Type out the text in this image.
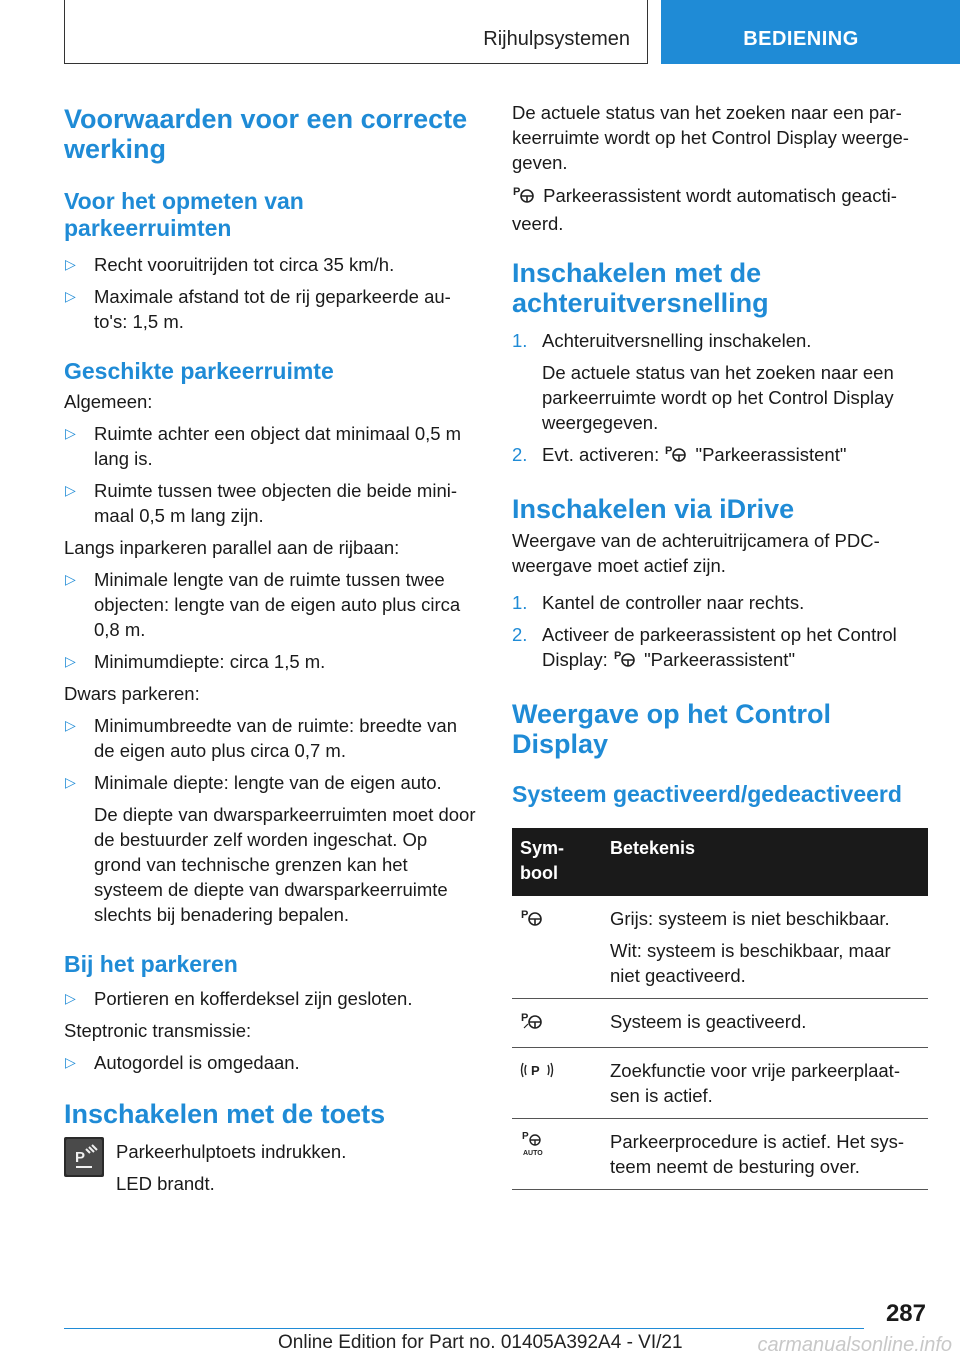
Rijhulpsystemen	BEDIENING
Voorwaarden voor een correcte werking
Voor het opmeten van parkeerruimten
▷ Recht vooruitrijden tot circa 35 km/h.
▷ Maximale afstand tot de rij geparkeerde auto's: 1,5 m.
Geschikte parkeerruimte

Algemeen:

▷ Ruimte achter een object dat minimaal 0,5 m lang is.
▷ Ruimte tussen twee objecten die beide minimaal 0,5 m lang zijn.

Langs inparkeren parallel aan de rijbaan:

▷ Minimale lengte van de ruimte tussen twee objecten: lengte van de eigen auto plus circa 0,8 m.
▷ Minimumdiepte: circa 1,5 m.

Dwars parkeren:

▷ Minimumbreedte van de ruimte: breedte van de eigen auto plus circa 0,7 m.
▷ Minimale diepte: lengte van de eigen auto.
De diepte van dwarsparkeerruimten moet door de bestuurder zelf worden ingeschat. Op grond van technische grenzen kan het systeem de diepte van dwarsparkeerruimte slechts bij benadering bepalen.
Bij het parkeren
▷ Portieren en kofferdeksel zijn gesloten.

Steptronic transmissie:

▷ Autogordel is omgedaan.
Inschakelen met de toets
P Parkeerhulptoets indrukken.

LED brandt.

De actuele status van het zoeken naar een parkeerruimte wordt op het Control Display weergegeven.

P Parkeerassistent wordt automatisch geactiveerd.

Inschakelen met de achteruitversnelling
1. Achteruitversnelling inschakelen.
De actuele status van het zoeken naar een parkeerruimte wordt op het Control Display weergegeven.
2. Evt. activeren: P "Parkeerassistent"
Inschakelen via iDrive

Weergave van de achteruitrijcamera of PDC-weergave moet actief zijn.

1. Kantel de controller naar rechts.
2. Activeer de parkeerassistent op het Control Display: P "Parkeerassistent"
Weergave op het Control Display
Systeem geactiveerd/gedeactiveerd
Symbool	Betekenis

P	Grijs: systeem is niet beschikbaar.
Wit: systeem is beschikbaar, maar niet geactiveerd.

P	Systeem is geactiveerd.

P	Zoekfunctie voor vrije parkeerplaatsen is actief.

P
AUTO	Parkeerprocedure is actief. Het systeem neemt de besturing over.
287
Online Edition for Part no. 01405A392A4 - VI/21	carmanualsonline.info
